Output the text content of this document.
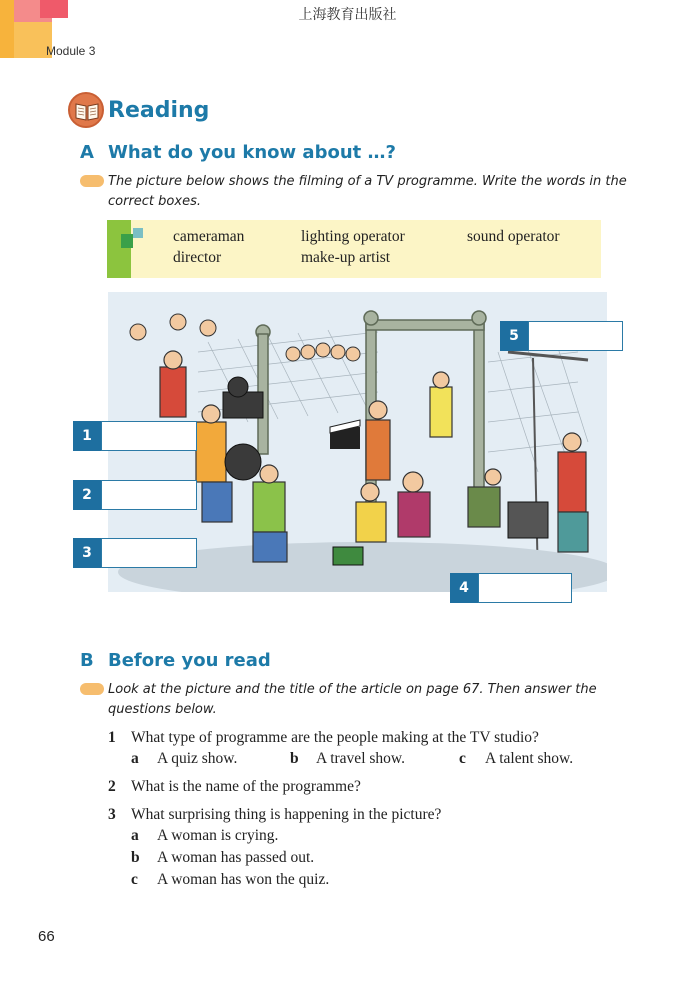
上海教育出版社
Module 3
Reading
A What do you know about …?
The picture below shows the filming of a TV programme. Write the words in the
correct boxes.
cameraman	lighting operator	sound operator
director	make-up artist
1
2
3
4
5
B Before you read
Look at the picture and the title of the article on page 67. Then answer the
questions below.
1 What type of programme are the people making at the TV studio?
a A quiz show.	b A travel show.	c A talent show.
2 What is the name of the programme?
3 What surprising thing is happening in the picture?
a A woman is crying.
b A woman has passed out.
c A woman has won the quiz.
66
